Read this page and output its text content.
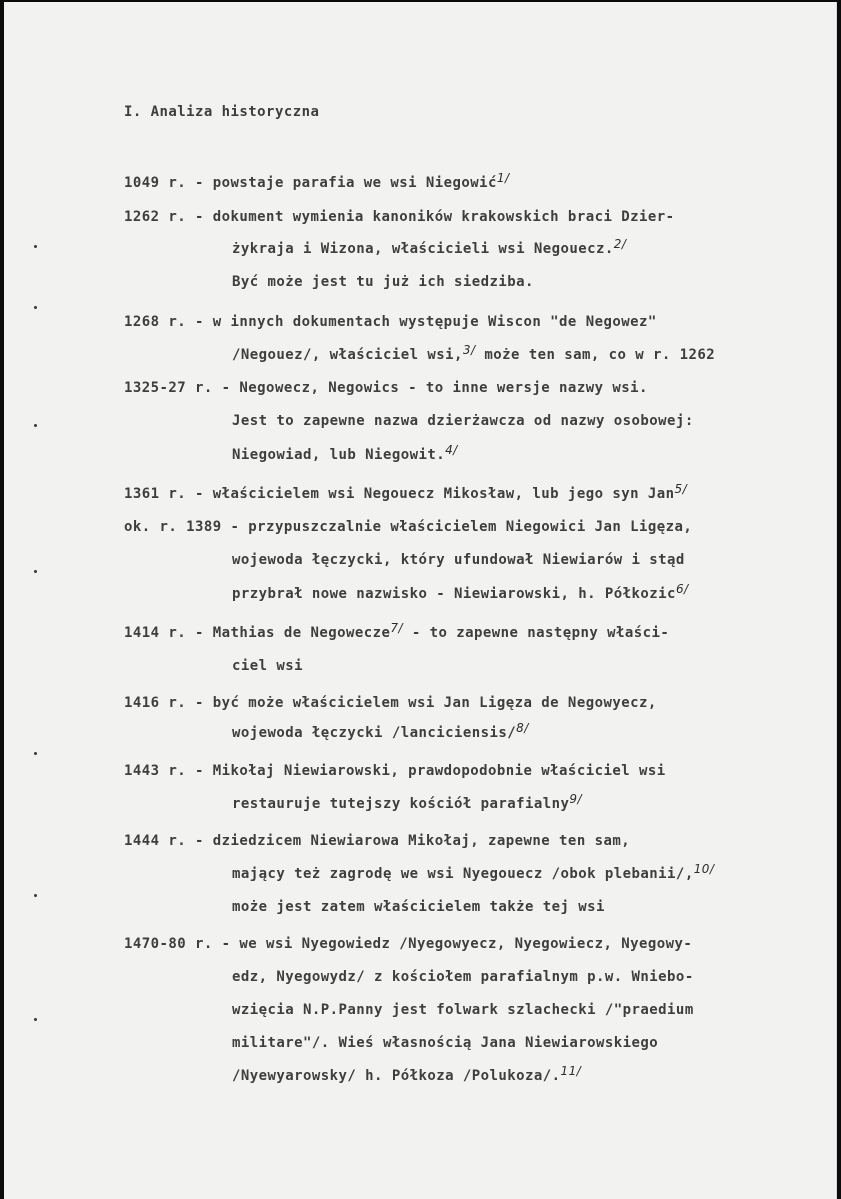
I. Analiza historyczna
1049 r. - powstaje parafia we wsi Niegowić$^{1/}$
1262 r. - dokument wymienia kanoników krakowskich braci Dzier-
żykraja i Wizona, właścicieli wsi Negouecz.$^{2/}$
Być może jest tu już ich siedziba.
1268 r. - w innych dokumentach występuje Wiscon "de Negowez"
/Negouez/, właściciel wsi,$^{3/}$ może ten sam, co w r. 1262
1325-27 r. - Negowecz, Negowics - to inne wersje nazwy wsi.
Jest to zapewne nazwa dzierżawcza od nazwy osobowej:
Niegowiad, lub Niegowit.$^{4/}$
1361 r. - właścicielem wsi Negouecz Mikosław, lub jego syn Jan$^{5/}$
ok. r. 1389 - przypuszczalnie właścicielem Niegowici Jan Ligęza,
wojewoda łęczycki, który ufundował Niewiarów i stąd
przybrał nowe nazwisko - Niewiarowski, h. Półkozic$^{6/}$
1414 r. - Mathias de Negowecze$^{7/}$ - to zapewne następny właści-
ciel wsi
1416 r. - być może właścicielem wsi Jan Ligęza de Negowyecz,
wojewoda łęczycki /lanciciensis/$^{8/}$
1443 r. - Mikołaj Niewiarowski, prawdopodobnie właściciel wsi
restauruje tutejszy kościół parafialny$^{9/}$
1444 r. - dziedzicem Niewiarowa Mikołaj, zapewne ten sam,
mający też zagrodę we wsi Nyegouecz /obok plebanii/,$^{10/}$
może jest zatem właścicielem także tej wsi
1470-80 r. - we wsi Nyegowiedz /Nyegowyecz, Nyegowiecz, Nyegowy-
edz, Nyegowydz/ z kościołem parafialnym p.w. Wniebo-
wzięcia N.P.Panny jest folwark szlachecki /"praedium
militare"/. Wieś własnością Jana Niewiarowskiego
/Nyewyarowsky/ h. Półkoza /Polukoza/.$^{11/}$
